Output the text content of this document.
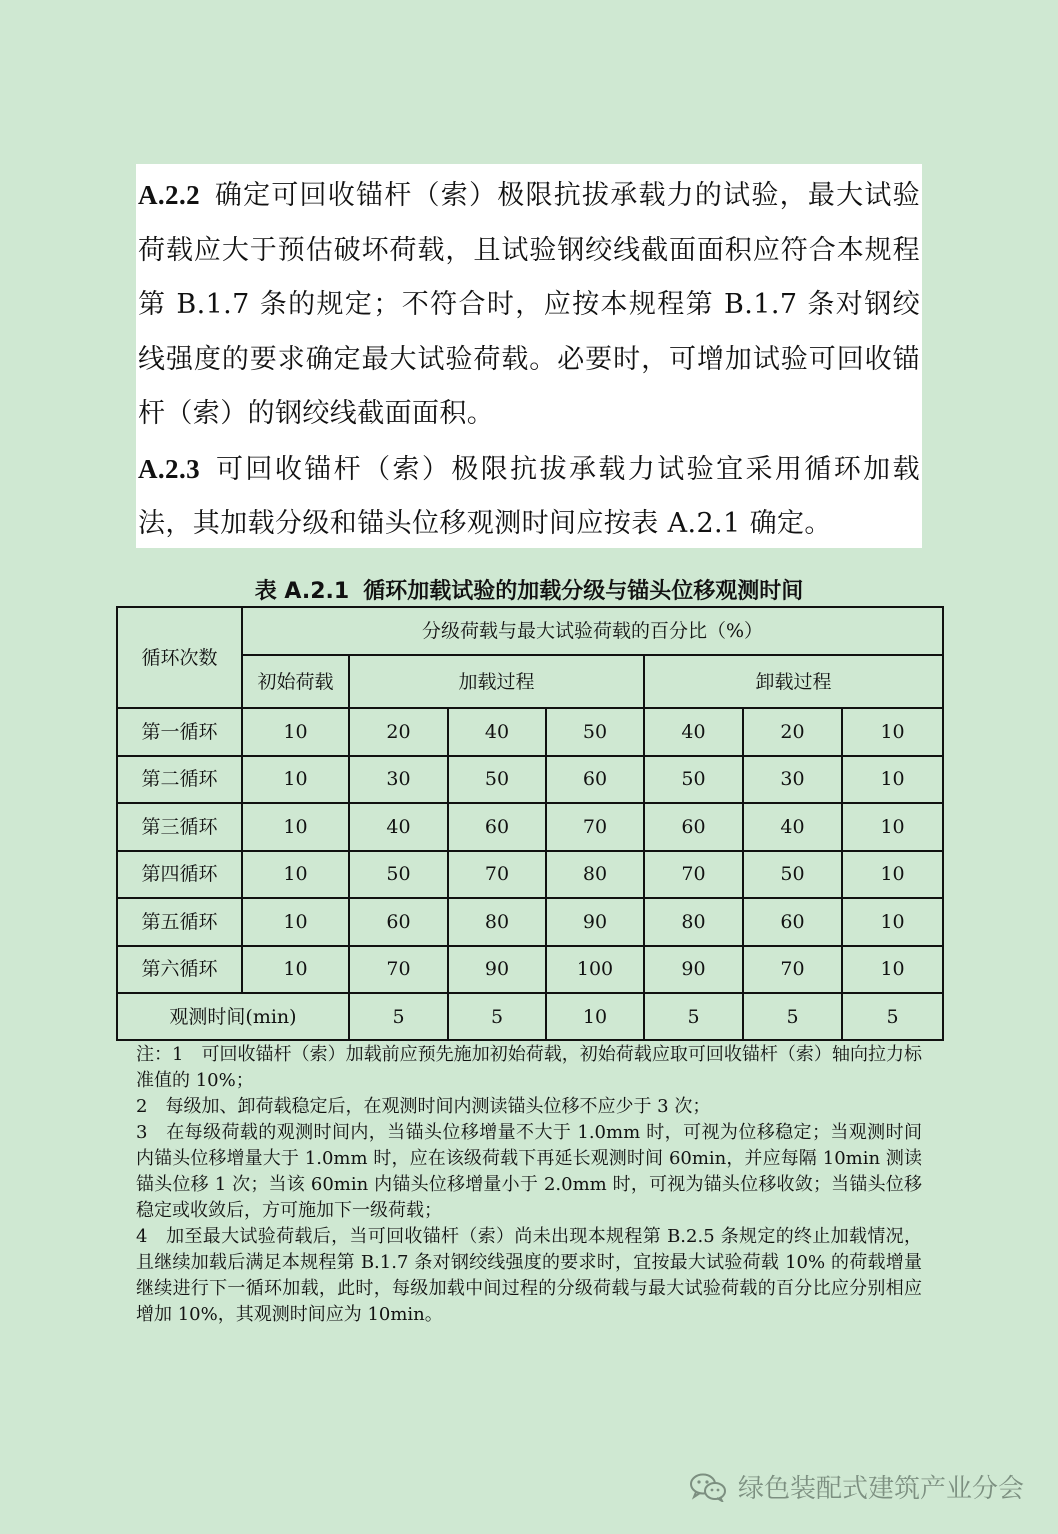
A.2.2 确定可回收锚杆（索）极限抗拔承载力的试验，最大试验荷载应大于预估破坏荷载，且试验钢绞线截面面积应符合本规程第 B.1.7 条的规定；不符合时，应按本规程第 B.1.7 条对钢绞线强度的要求确定最大试验荷载。必要时，可增加试验可回收锚杆（索）的钢绞线截面面积。

A.2.3 可回收锚杆（索）极限抗拔承载力试验宜采用循环加载法，其加载分级和锚头位移观测时间应按表 A.2.1 确定。

表 A.2.1 循环加载试验的加载分级与锚头位移观测时间
循环次数	分级荷载与最大试验荷载的百分比（%）						
	初始荷载	加载过程			卸载过程		
第一循环	10	20	40	50	40	20	10
第二循环	10	30	50	60	50	30	10
第三循环	10	40	60	70	60	40	10
第四循环	10	50	70	80	70	50	10
第五循环	10	60	80	90	80	60	10
第六循环	10	70	90	100	90	70	10
观测时间(min)		5	5	10	5	5	5

注：1　可回收锚杆（索）加载前应预先施加初始荷载，初始荷载应取可回收锚杆（索）轴向拉力标准值的 10%；

2　每级加、卸荷载稳定后，在观测时间内测读锚头位移不应少于 3 次；

3　在每级荷载的观测时间内，当锚头位移增量不大于 1.0mm 时，可视为位移稳定；当观测时间内锚头位移增量大于 1.0mm 时，应在该级荷载下再延长观测时间 60min，并应每隔 10min 测读锚头位移 1 次；当该 60min 内锚头位移增量小于 2.0mm 时，可视为锚头位移收敛；当锚头位移稳定或收敛后，方可施加下一级荷载；

4　加至最大试验荷载后，当可回收锚杆（索）尚未出现本规程第 B.2.5 条规定的终止加载情况，且继续加载后满足本规程第 B.1.7 条对钢绞线强度的要求时，宜按最大试验荷载 10% 的荷载增量继续进行下一循环加载，此时，每级加载中间过程的分级荷载与最大试验荷载的百分比应分别相应增加 10%，其观测时间应为 10min。

绿色装配式建筑产业分会
